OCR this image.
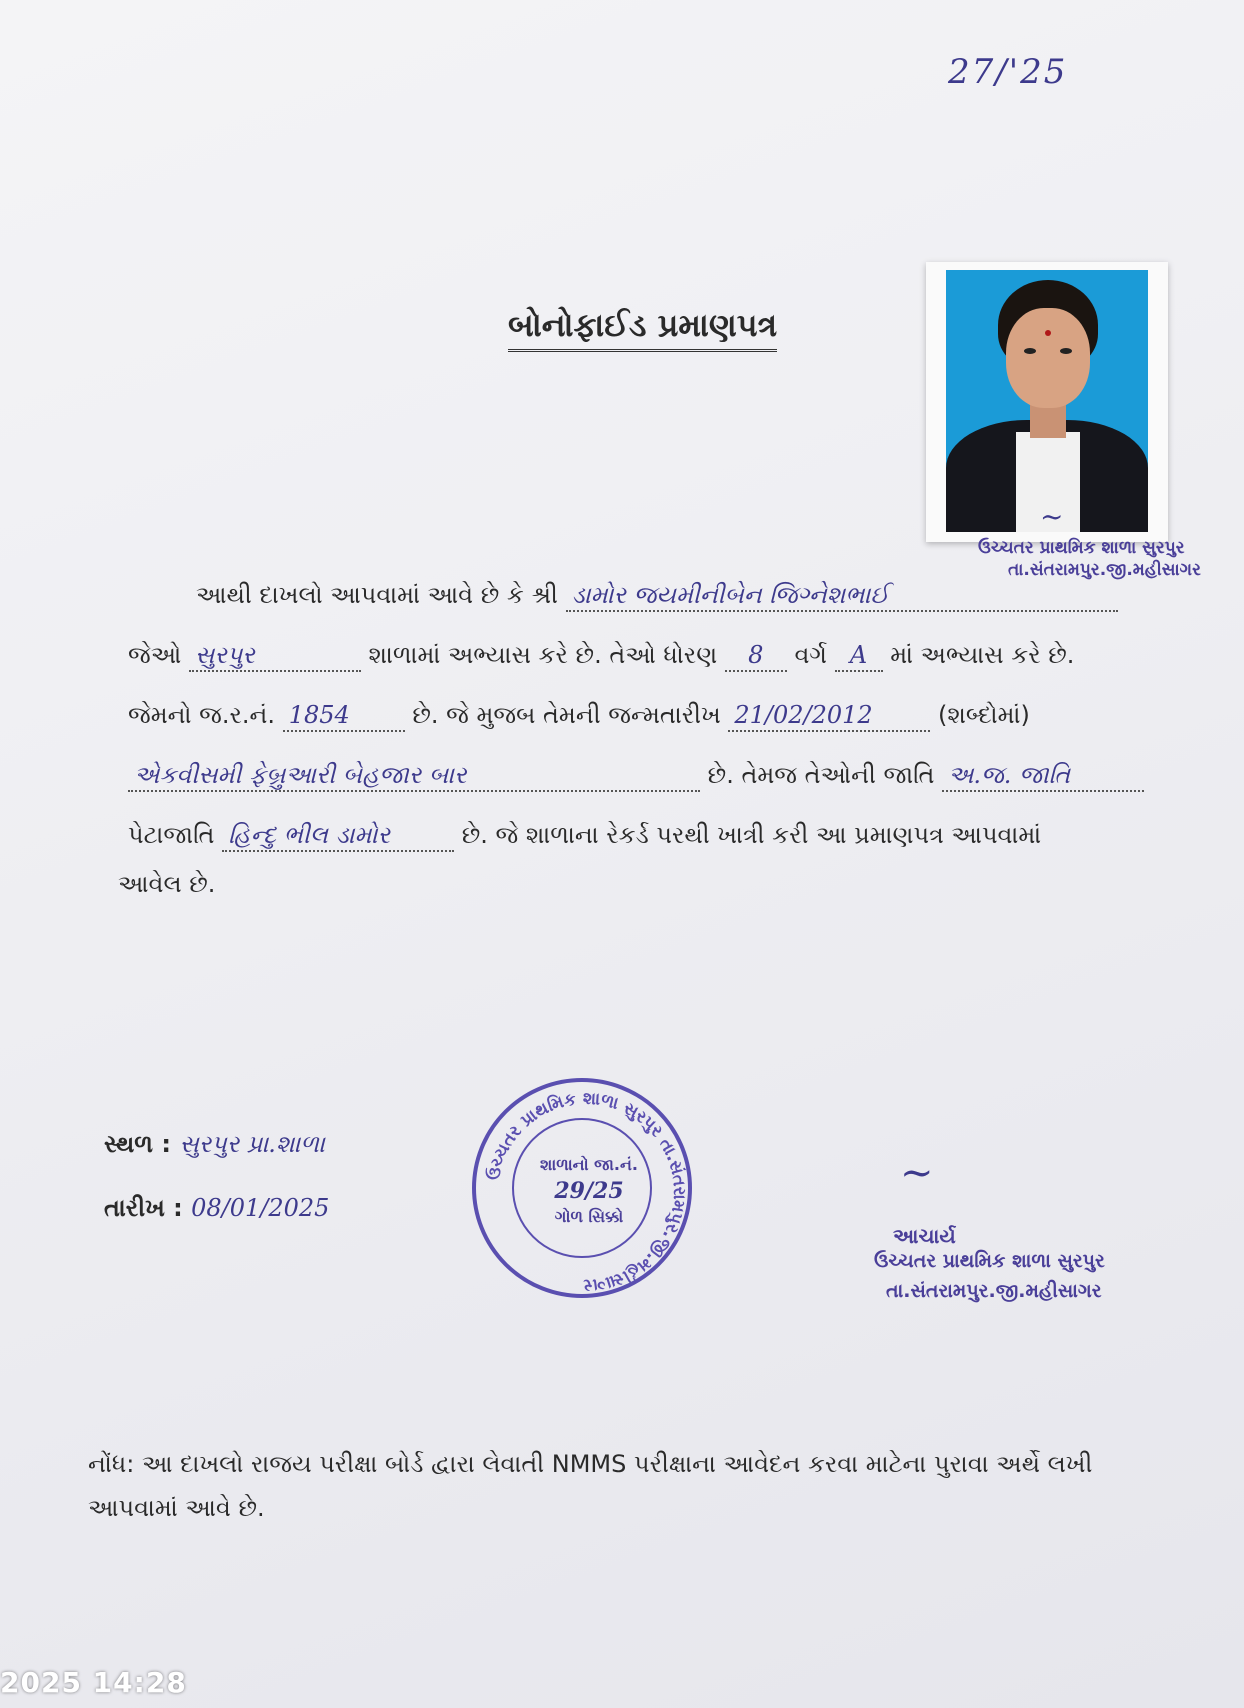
27/'25
બોનોફાઈડ પ્રમાણપત્ર
~
ઉચ્ચતર પ્રાથમિક શાળા સુરપુર
તા.સંતરામપુર.જી.મહીસાગર
આથી દાખલો આપવામાં આવે છે કે શ્રી ડામોર જયમીનીબેન જિગ્નેશભાઈ
જેઓ સુરપુર	શાળામાં અભ્યાસ કરે છે. તેઓ ધોરણ 8 વર્ગ A માં અભ્યાસ કરે છે.
જેમનો જ.ર.નં. 1854	છે. જે મુજબ તેમની જન્મતારીખ 21/02/2012	(શબ્દોમાં)
એકવીસમી ફેબ્રુઆરી બેહજાર બાર	છે. તેમજ તેઓની જાતિ અ.જ. જાતિ
પેટાજાતિ હિન્દુ ભીલ ડામોર	છે. જે શાળાના રેકર્ડ પરથી ખાત્રી કરી આ પ્રમાણપત્ર આપવામાં
આવેલ છે.
ઉચ્ચતર પ્રાથમિક શાળા સુરપુર તા.સંતરામપુર.જી.મહીસાગર
શાળાનો જા.નં.
29/25
ગોળ સિક્કો
સ્થળ : સુરપુર પ્રા.શાળા
તારીખ : 08/01/2025
~
આચાર્ય
ઉચ્ચતર પ્રાથમિક શાળા સુરપુર
તા.સંતરામપુર.જી.મહીસાગર
નોંધ: આ દાખલો રાજય પરીક્ષા બોર્ડ દ્વારા લેવાતી NMMS પરીક્ષાના આવેદન કરવા માટેના પુરાવા અર્થે લખી
આપવામાં આવે છે.
2025 14:28
